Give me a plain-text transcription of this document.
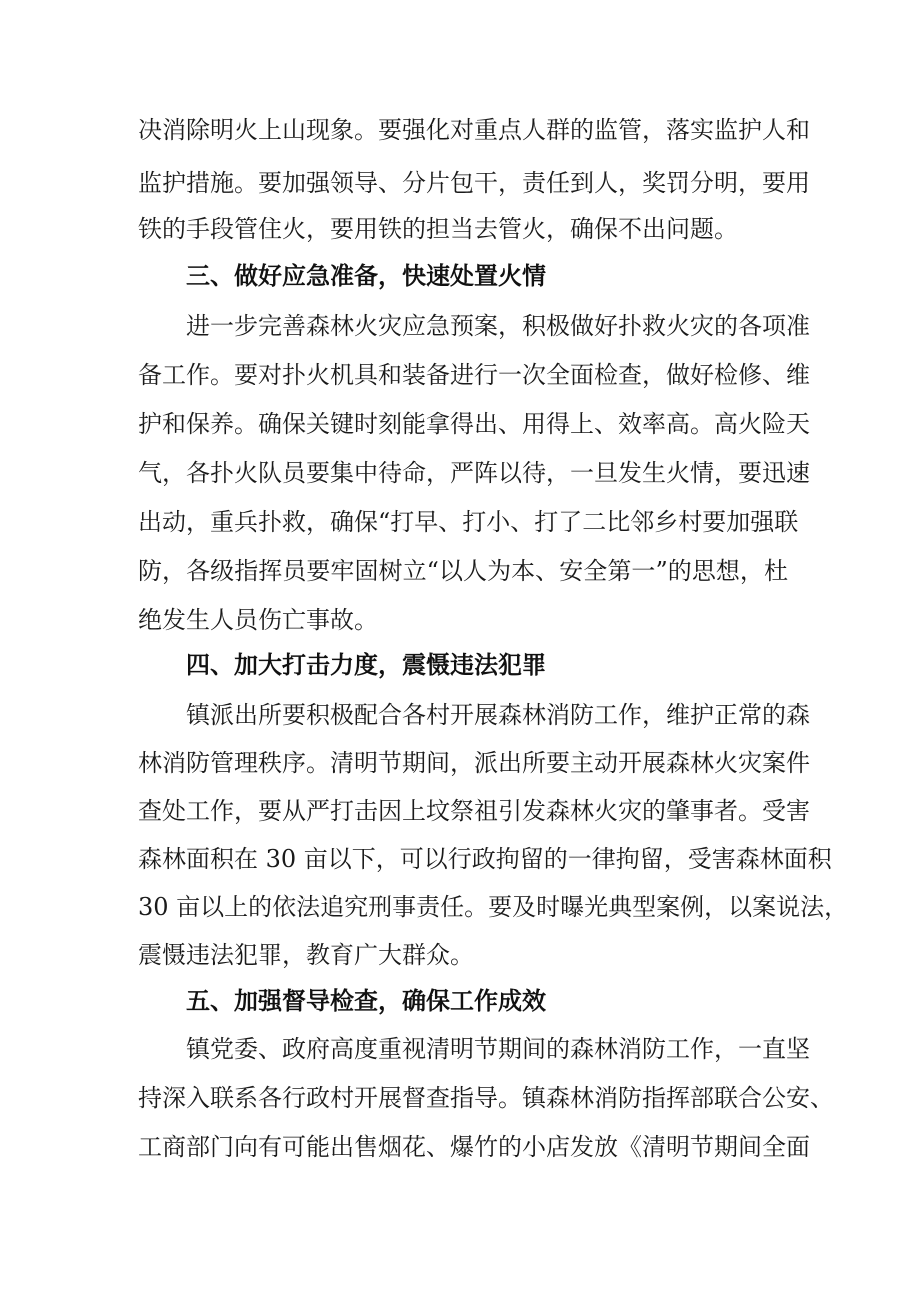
决消除明火上山现象。要强化对重点人群的监管，落实监护人和
监护措施。要加强领导、分片包干，责任到人，奖罚分明，要用
铁的手段管住火，要用铁的担当去管火，确保不出问题。
三、做好应急准备，快速处置火情
进一步完善森林火灾应急预案，积极做好扑救火灾的各项准
备工作。要对扑火机具和装备进行一次全面检查，做好检修、维
护和保养。确保关键时刻能拿得出、用得上、效率高。高火险天
气，各扑火队员要集中待命，严阵以待，一旦发生火情，要迅速
出动，重兵扑救，确保“打早、打小、打了二比邻乡村要加强联
防，各级指挥员要牢固树立“以人为本、安全第一”的思想，杜
绝发生人员伤亡事故。
四、加大打击力度，震慑违法犯罪
镇派出所要积极配合各村开展森林消防工作，维护正常的森
林消防管理秩序。清明节期间，派出所要主动开展森林火灾案件
查处工作，要从严打击因上坟祭祖引发森林火灾的肇事者。受害
森林面积在 30 亩以下，可以行政拘留的一律拘留，受害森林面积
30 亩以上的依法追究刑事责任。要及时曝光典型案例，以案说法，
震慑违法犯罪，教育广大群众。
五、加强督导检查，确保工作成效
镇党委、政府高度重视清明节期间的森林消防工作，一直坚
持深入联系各行政村开展督查指导。镇森林消防指挥部联合公安、
工商部门向有可能出售烟花、爆竹的小店发放《清明节期间全面
